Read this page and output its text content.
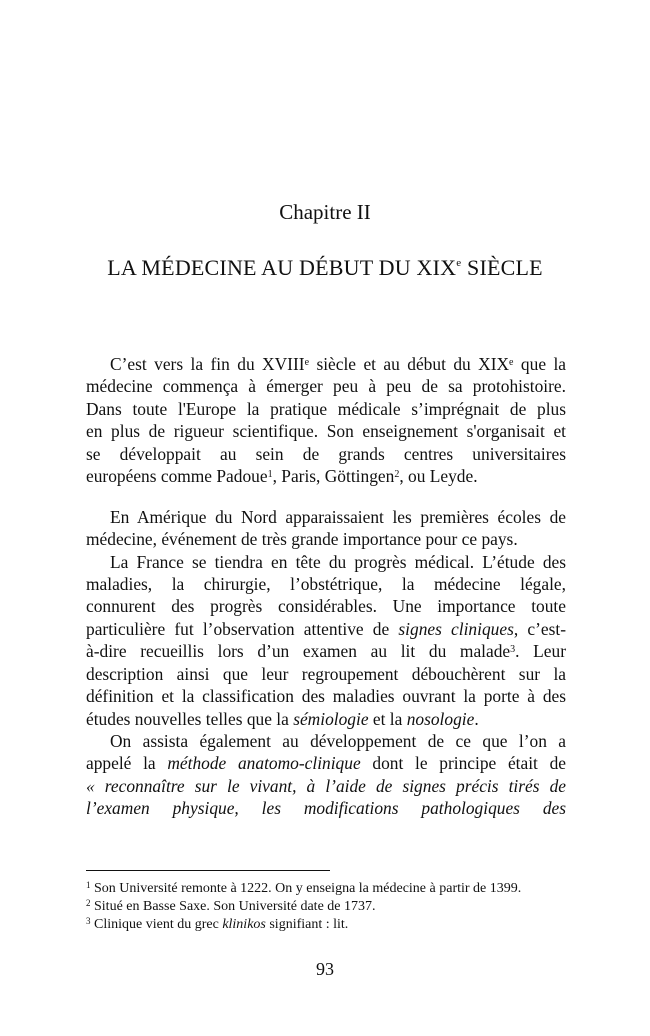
Chapitre II
LA MÉDECINE AU DÉBUT DU XIXe SIÈCLE
C’est vers la fin du XVIIIe siècle et au début du XIXe que la
médecine commença à émerger peu à peu de sa protohistoire.
Dans toute l'Europe la pratique médicale s’imprégnait de plus
en plus de rigueur scientifique. Son enseignement s'organisait et
se développait au sein de grands centres universitaires
européens comme Padoue$^1$, Paris, Göttingen$^2$, ou Leyde.
En Amérique du Nord apparaissaient les premières écoles de
médecine, événement de très grande importance pour ce pays.
La France se tiendra en tête du progrès médical. L’étude des
maladies, la chirurgie, l’obstétrique, la médecine légale,
connurent des progrès considérables. Une importance toute
particulière fut l’observation attentive de signes cliniques, c’est-
à-dire recueillis lors d’un examen au lit du malade$^3$. Leur
description ainsi que leur regroupement débouchèrent sur la
définition et la classification des maladies ouvrant la porte à des
études nouvelles telles que la sémiologie et la nosologie.
On assista également au développement de ce que l’on a
appelé la méthode anatomo-clinique dont le principe était de
« reconnaître sur le vivant, à l’aide de signes précis tirés de
l’examen physique, les modifications pathologiques des
$^1$ Son Université remonte à 1222. On y enseigna la médecine à partir de 1399.
$^2$ Situé en Basse Saxe. Son Université date de 1737.
$^3$ Clinique vient du grec klinikos signifiant : lit.
93
